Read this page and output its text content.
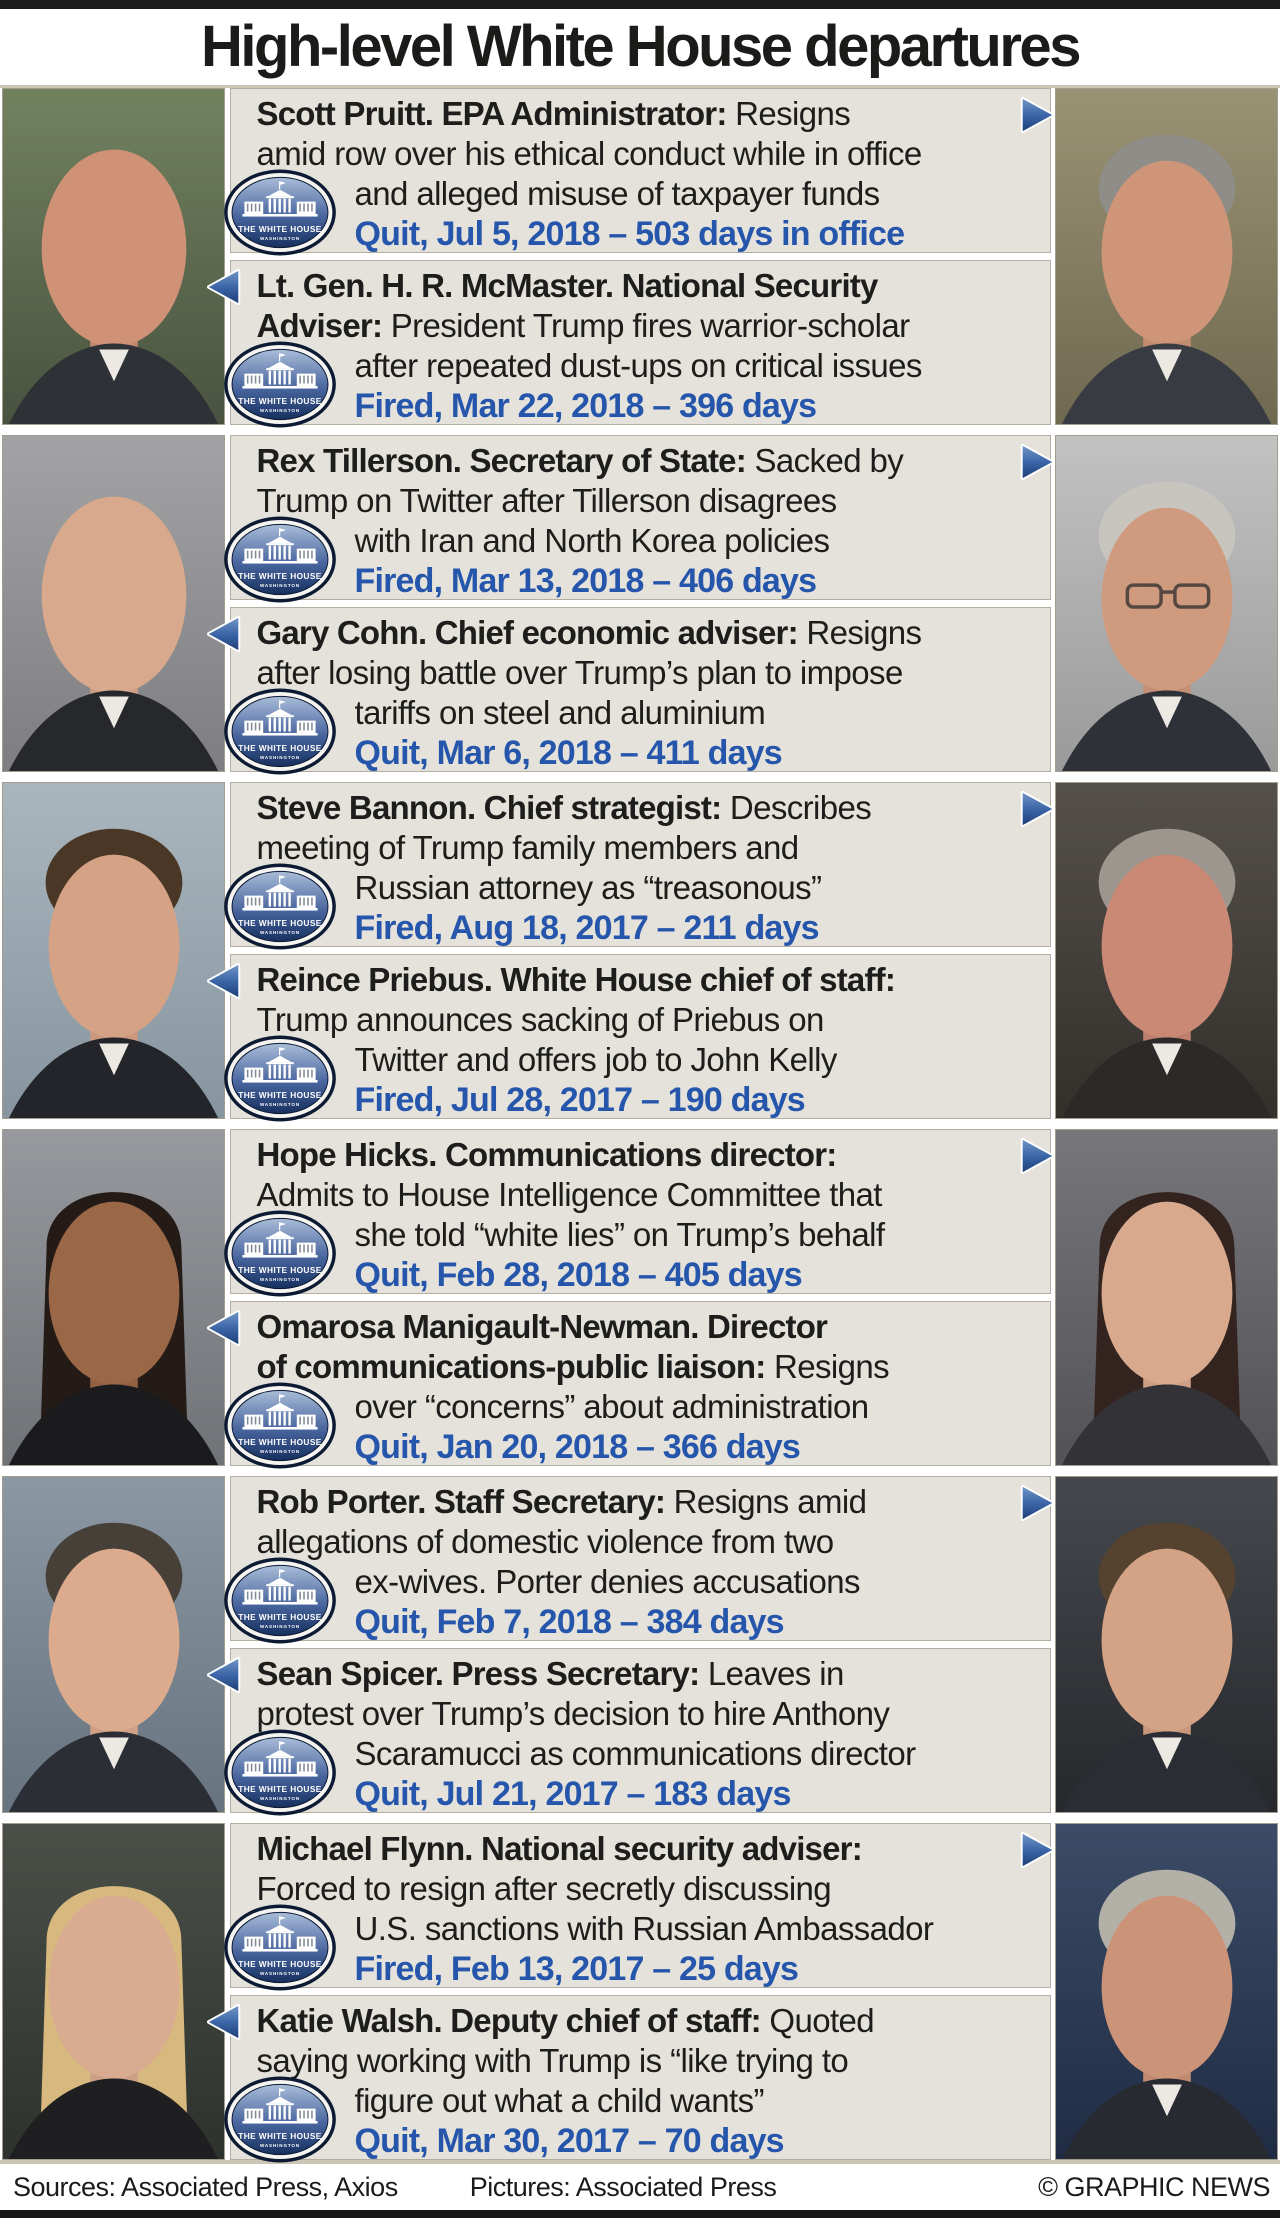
High-level White House departures
Scott Pruitt. EPA Administrator: Resigns
amid row over his ethical conduct while in office
and alleged misuse of taxpayer funds
Quit, Jul 5, 2018 – 503 days in office
THE WHITE HOUSE
WASHINGTON
Lt. Gen. H. R. McMaster. National Security
Adviser: President Trump fires warrior-scholar
after repeated dust-ups on critical issues
Fired, Mar 22, 2018 – 396 days
THE WHITE HOUSE
WASHINGTON
Rex Tillerson. Secretary of State: Sacked by
Trump on Twitter after Tillerson disagrees
with Iran and North Korea policies
Fired, Mar 13, 2018 – 406 days
THE WHITE HOUSE
WASHINGTON
Gary Cohn. Chief economic adviser: Resigns
after losing battle over Trump’s plan to impose
tariffs on steel and aluminium
Quit, Mar 6, 2018 – 411 days
THE WHITE HOUSE
WASHINGTON
Steve Bannon. Chief strategist: Describes
meeting of Trump family members and
Russian attorney as “treasonous”
Fired, Aug 18, 2017 – 211 days
THE WHITE HOUSE
WASHINGTON
Reince Priebus. White House chief of staff:
Trump announces sacking of Priebus on
Twitter and offers job to John Kelly
Fired, Jul 28, 2017 – 190 days
THE WHITE HOUSE
WASHINGTON
Hope Hicks. Communications director:
Admits to House Intelligence Committee that
she told “white lies” on Trump’s behalf
Quit, Feb 28, 2018 – 405 days
THE WHITE HOUSE
WASHINGTON
Omarosa Manigault-Newman. Director
of communications-public liaison: Resigns
over “concerns” about administration
Quit, Jan 20, 2018 – 366 days
THE WHITE HOUSE
WASHINGTON
Rob Porter. Staff Secretary: Resigns amid
allegations of domestic violence from two
ex-wives. Porter denies accusations
Quit, Feb 7, 2018 – 384 days
THE WHITE HOUSE
WASHINGTON
Sean Spicer. Press Secretary: Leaves in
protest over Trump’s decision to hire Anthony
Scaramucci as communications director
Quit, Jul 21, 2017 – 183 days
THE WHITE HOUSE
WASHINGTON
Michael Flynn. National security adviser:
Forced to resign after secretly discussing
U.S. sanctions with Russian Ambassador
Fired, Feb 13, 2017 – 25 days
THE WHITE HOUSE
WASHINGTON
Katie Walsh. Deputy chief of staff: Quoted
saying working with Trump is “like trying to
figure out what a child wants”
Quit, Mar 30, 2017 – 70 days
THE WHITE HOUSE
WASHINGTON
Sources: Associated Press, Axios	Pictures: Associated Press	© GRAPHIC NEWS
